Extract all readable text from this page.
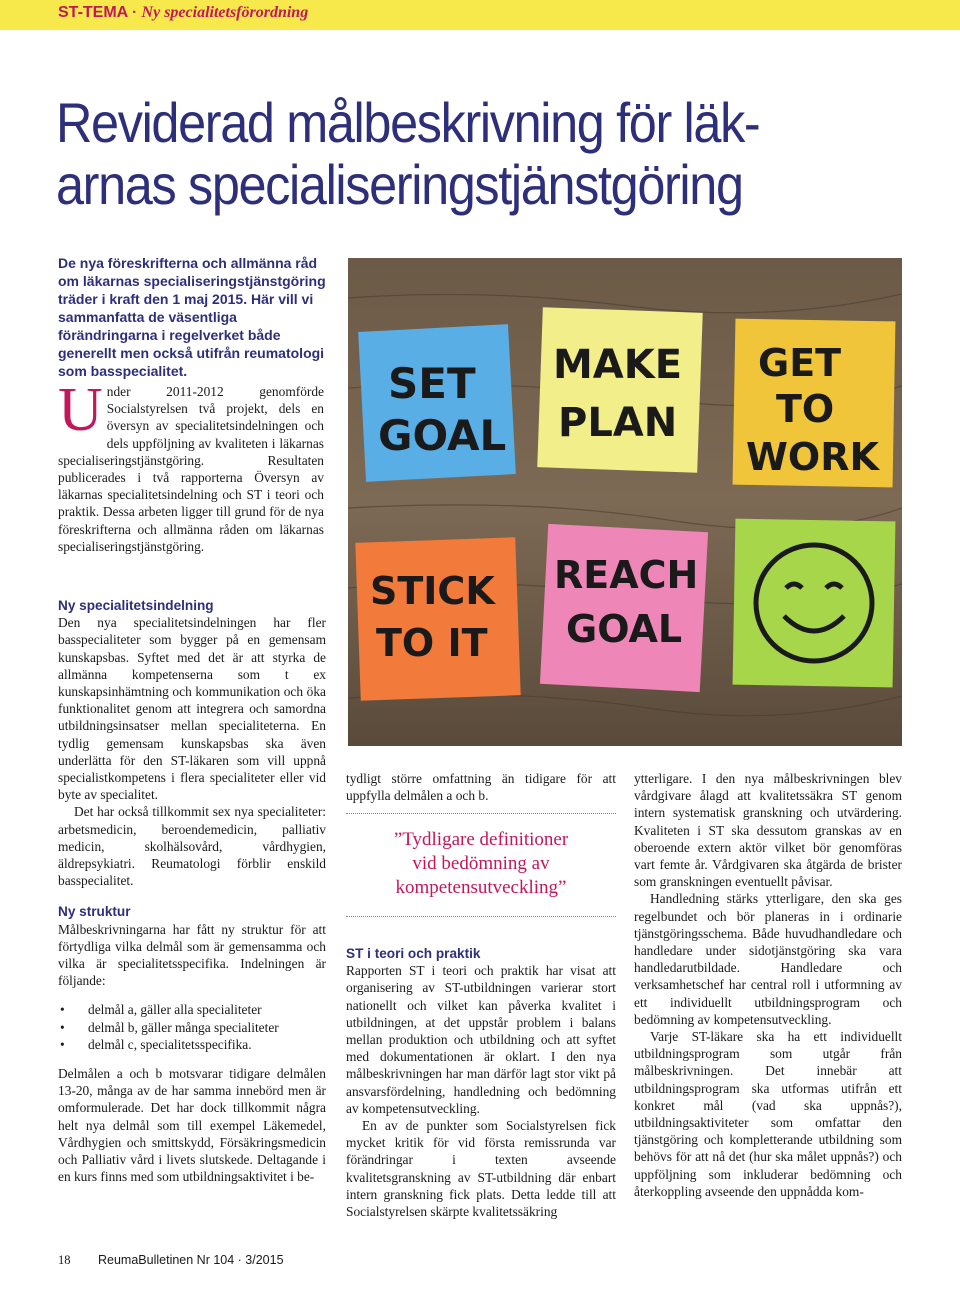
ST-TEMA · Ny specialitetsförordning
Reviderad målbeskrivning för läk-
arnas specialiseringstjänstgöring
De nya föreskrifterna och allmänna råd om läkarnas specialiseringstjänstgöring träder i kraft den 1 maj 2015. Här vill vi sammanfatta de väsentliga förändringarna i regelverket både generellt men också utifrån reumatologi som basspecialitet.

Under 2011-2012 genomförde Socialstyrelsen två projekt, dels en översyn av specialitetsindelningen och dels uppföljning av kvaliteten i läkarnas specialiseringstjänstgöring. Resultaten publicerades i två rapporterna Översyn av läkarnas specialitetsindelning och ST i teori och praktik. Dessa arbeten ligger till grund för de nya föreskrifterna och allmänna råden om läkarnas specialiseringstjänstgöring.

Ny specialitetsindelning

Den nya specialitetsindelningen har fler basspecialiteter som bygger på en gemensam kunskapsbas. Syftet med det är att styrka de allmänna kompetenserna som t ex kunskapsinhämtning och kommunikation och öka funktionalitet genom att integrera och samordna utbildningsinsatser mellan specialiteterna. En tydlig gemensam kunskapsbas ska även underlätta för den ST-läkaren som vill uppnå specialistkompetens i flera specialiteter eller vid byte av specialitet.

Det har också tillkommit sex nya specialiteter: arbetsmedicin, beroendemedicin, palliativ medicin, skolhälsovård, vårdhygien, äldrepsykiatri. Reumatologi förblir enskild basspecialitet.

Ny struktur

Målbeskrivningarna har fått ny struktur för att förtydliga vilka delmål som är gemensamma och vilka är specialitetsspecifika. Indelningen är följande:

• delmål a, gäller alla specialiteter
• delmål b, gäller många specialiteter
• delmål c, specialitetsspecifika.

Delmålen a och b motsvarar tidigare delmålen 13-20, många av de har samma innebörd men är omformulerade. Det har dock tillkommit några helt nya delmål som till exempel Läkemedel, Vårdhygien och smittskydd, Försäkringsmedicin och Palliativ vård i livets slutskede. Deltagande i en kurs finns med som utbildningsaktivitet i be-

SET
GOAL
MAKE
PLAN
GET
TO
WORK
STICK
TO IT
REACH
GOAL

tydligt större omfattning än tidigare för att uppfylla delmålen a och b.

”Tydligare definitioner
vid bedömning av
kompetensutveckling”

ST i teori och praktik

Rapporten ST i teori och praktik har visat att organisering av ST-utbildningen varierar stort nationellt och vilket kan påverka kvalitet i utbildningen, at det uppstår problem i balans mellan produktion och utbildning och att syftet med dokumentationen är oklart. I den nya målbeskrivningen har man därför lagt stor vikt på ansvarsfördelning, handledning och bedömning av kompetensutveckling.

En av de punkter som Socialstyrelsen fick mycket kritik för vid första remissrunda var förändringar i texten avseende kvalitetsgranskning av ST-utbildning där enbart intern granskning fick plats. Detta ledde till att Socialstyrelsen skärpte kvalitetssäkring

ytterligare. I den nya målbeskrivningen blev vårdgivare ålagd att kvalitetssäkra ST genom intern systematisk granskning och utvärdering. Kvaliteten i ST ska dessutom granskas av en oberoende extern aktör vilket bör genomföras vart femte år. Vårdgivaren ska åtgärda de brister som granskningen eventuellt påvisar.

Handledning stärks ytterligare, den ska ges regelbundet och bör planeras in i ordinarie tjänstgöringsschema. Både huvudhandledare och handledare under sidotjänstgöring ska vara handledarutbildade. Handledare och verksamhetschef har central roll i utformning av ett individuellt utbildningsprogram och bedömning av kompetensutveckling.

Varje ST-läkare ska ha ett individuellt utbildningsprogram som utgår från målbeskrivningen. Det innebär att utbildningsprogram ska utformas utifrån ett konkret mål (vad ska uppnås?), utbildningsaktiviteter som omfattar den tjänstgöring och kompletterande utbildning som behövs för att nå det (hur ska målet uppnås?) och uppföljning som inkluderar bedömning och återkoppling avseende den uppnådda kom-

18 ReumaBulletinen Nr 104 · 3/2015
